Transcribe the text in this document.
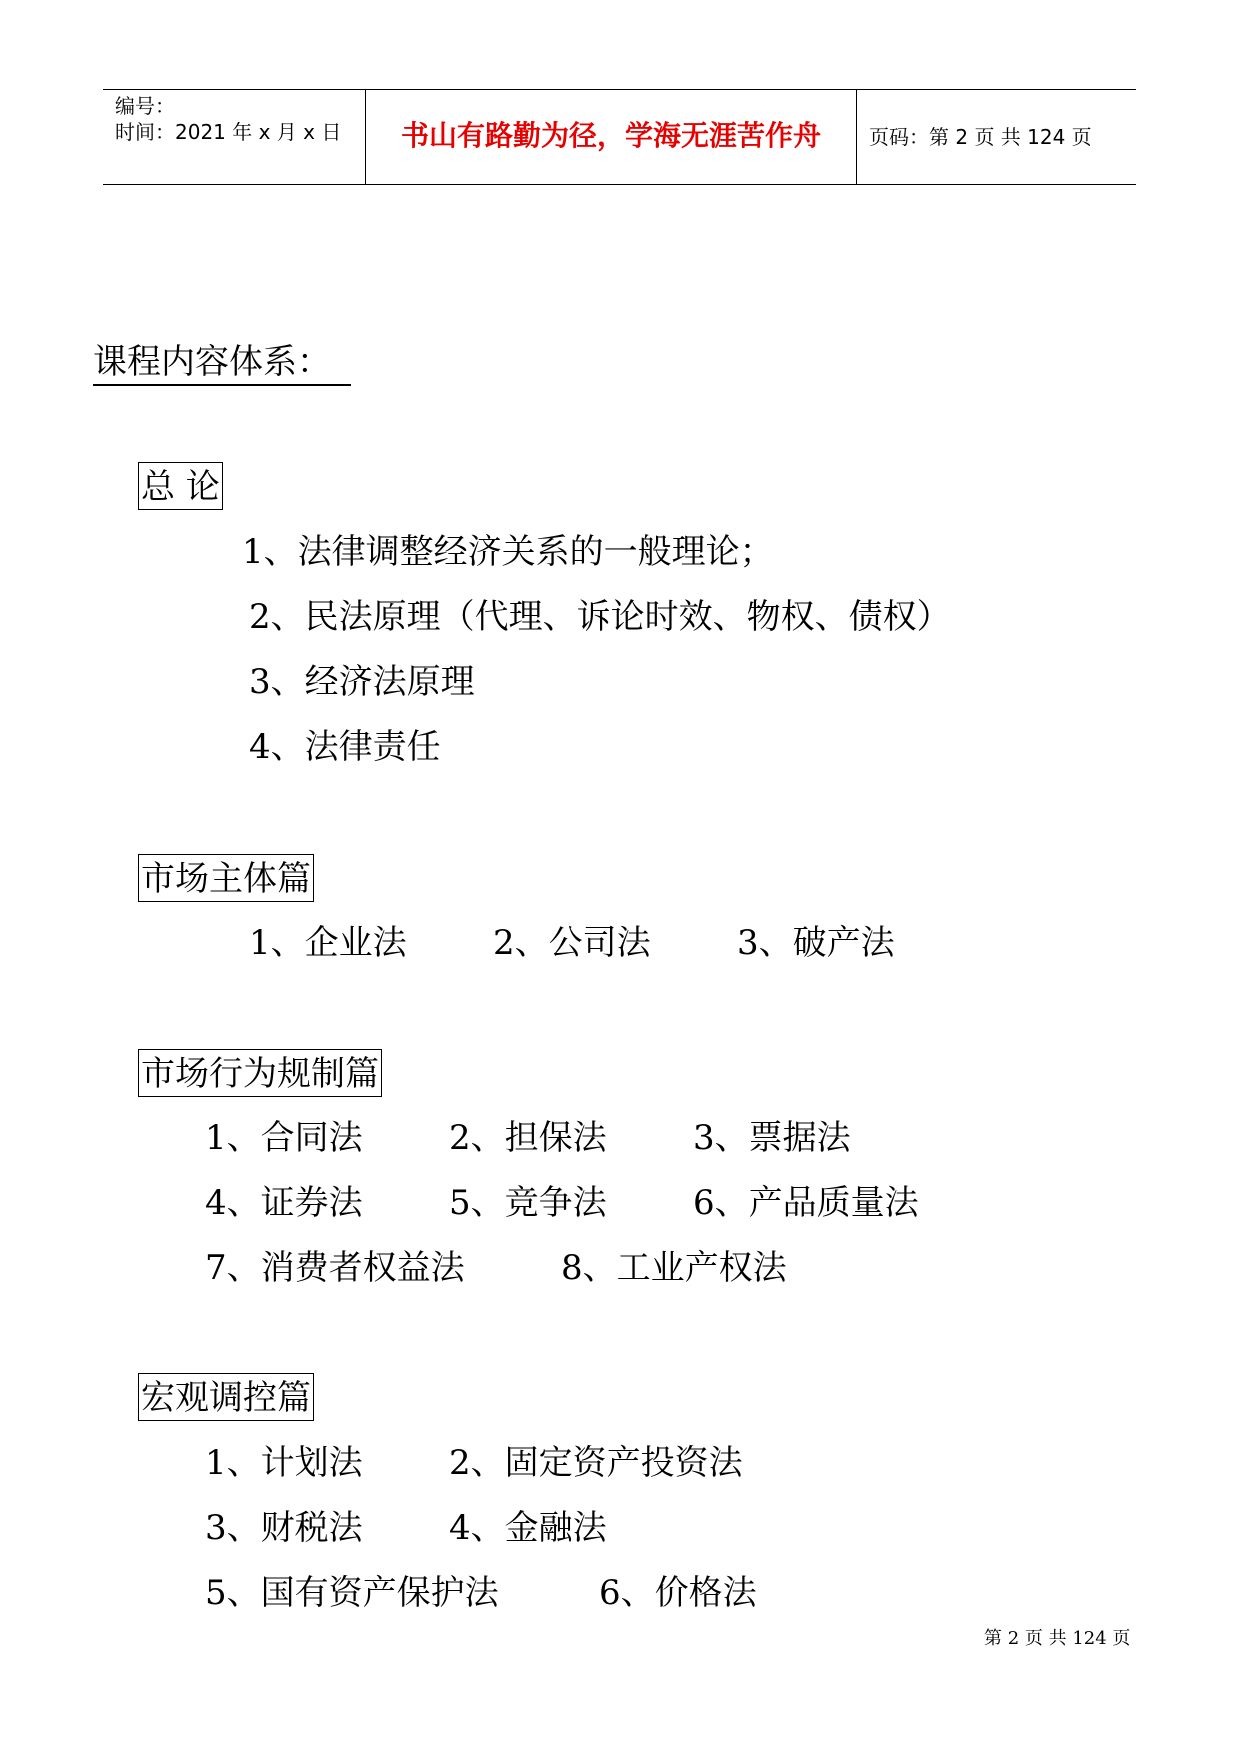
编号：
时间：2021 年 x 月 x 日	书山有路勤为径，学海无涯苦作舟	页码：第 2 页 共 124 页
课程内容体系：
总 论
1、法律调整经济关系的一般理论；
2、民法原理（代理、诉论时效、物权、债权）
3、经济法原理
4、法律责任
市场主体篇
1、企业法	2、公司法	3、破产法
市场行为规制篇
1、合同法	2、担保法	3、票据法
4、证券法	5、竞争法	6、产品质量法
7、消费者权益法	8、工业产权法
宏观调控篇
1、计划法	2、固定资产投资法
3、财税法	4、金融法
5、国有资产保护法	6、价格法
第 2 页 共 124 页
